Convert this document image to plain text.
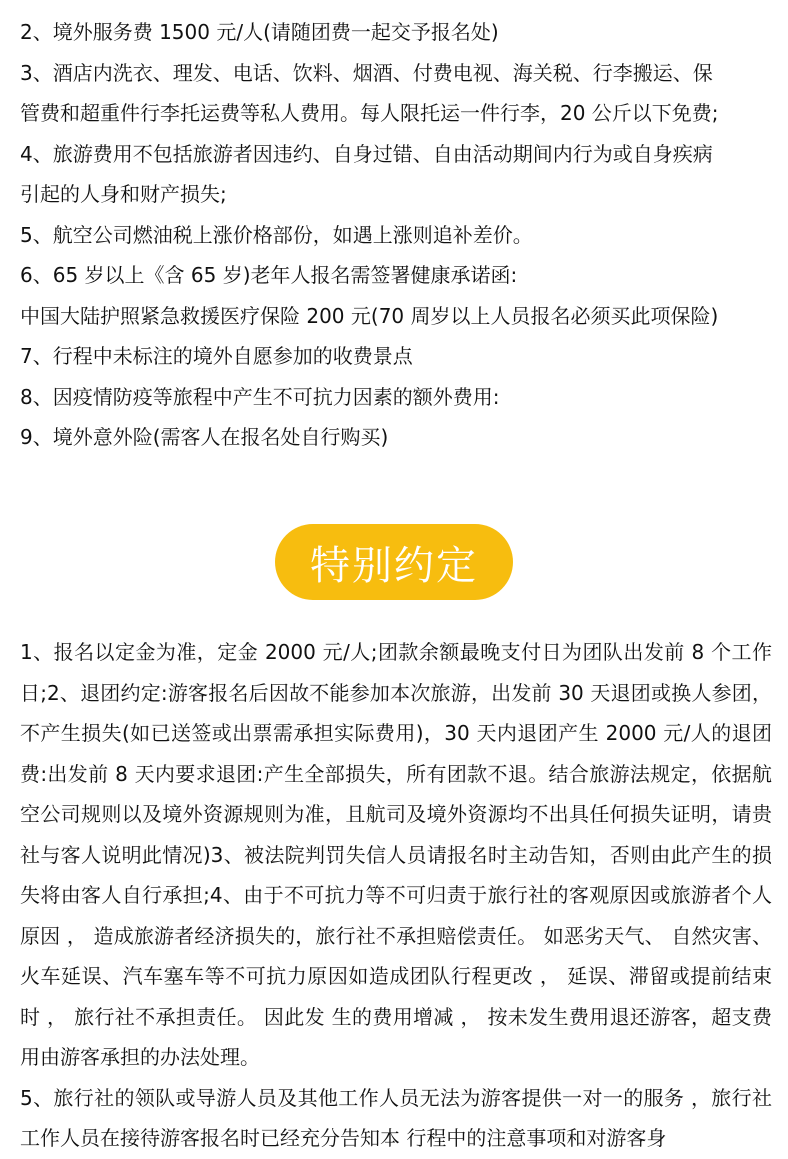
2、境外服务费 1500 元/人(请随团费一起交予报名处)
3、酒店内洗衣、理发、电话、饮料、烟酒、付费电视、海关税、行李搬运、保
管费和超重件行李托运费等私人费用。每人限托运一件行李，20 公斤以下免费;
4、旅游费用不包括旅游者因违约、自身过错、自由活动期间内行为或自身疾病
引起的人身和财产损失;
5、航空公司燃油税上涨价格部份，如遇上涨则追补差价。
6、65 岁以上《含 65 岁)老年人报名需签署健康承诺函:
中国大陆护照紧急救援医疗保险 200 元(70 周岁以上人员报名必须买此项保险)
7、行程中未标注的境外自愿参加的收费景点
8、因疫情防疫等旅程中产生不可抗力因素的额外费用:
9、境外意外险(需客人在报名处自行购买)
特别约定

1、报名以定金为准，定金 2000 元/人;团款余额最晚支付日为团队出发前 8 个工作日;2、退团约定:游客报名后因故不能参加本次旅游，出发前 30 天退团或换人参团，不产生损失(如已送签或出票需承担实际费用)，30 天内退团产生 2000 元/人的退团费:出发前 8 天内要求退团:产生全部损失，所有团款不退。结合旅游法规定，依据航空公司规则以及境外资源规则为准，且航司及境外资源均不出具任何损失证明，请贵社与客人说明此情况)3、被法院判罚失信人员请报名时主动告知，否则由此产生的损失将由客人自行承担;4、由于不可抗力等不可归责于旅行社的客观原因或旅游者个人原因 ， 造成旅游者经济损失的，旅行社不承担赔偿责任。 如恶劣天气、 自然灾害、火车延误、汽车塞车等不可抗力原因如造成团队行程更改 ， 延误、滞留或提前结束时 ， 旅行社不承担责任。 因此发 生的费用增减 ， 按未发生费用退还游客，超支费用由游客承担的办法处理。

5、旅行社的领队或导游人员及其他工作人员无法为游客提供一对一的服务 ，旅行社工作人员在接待游客报名时已经充分告知本 行程中的注意事项和对游客身
